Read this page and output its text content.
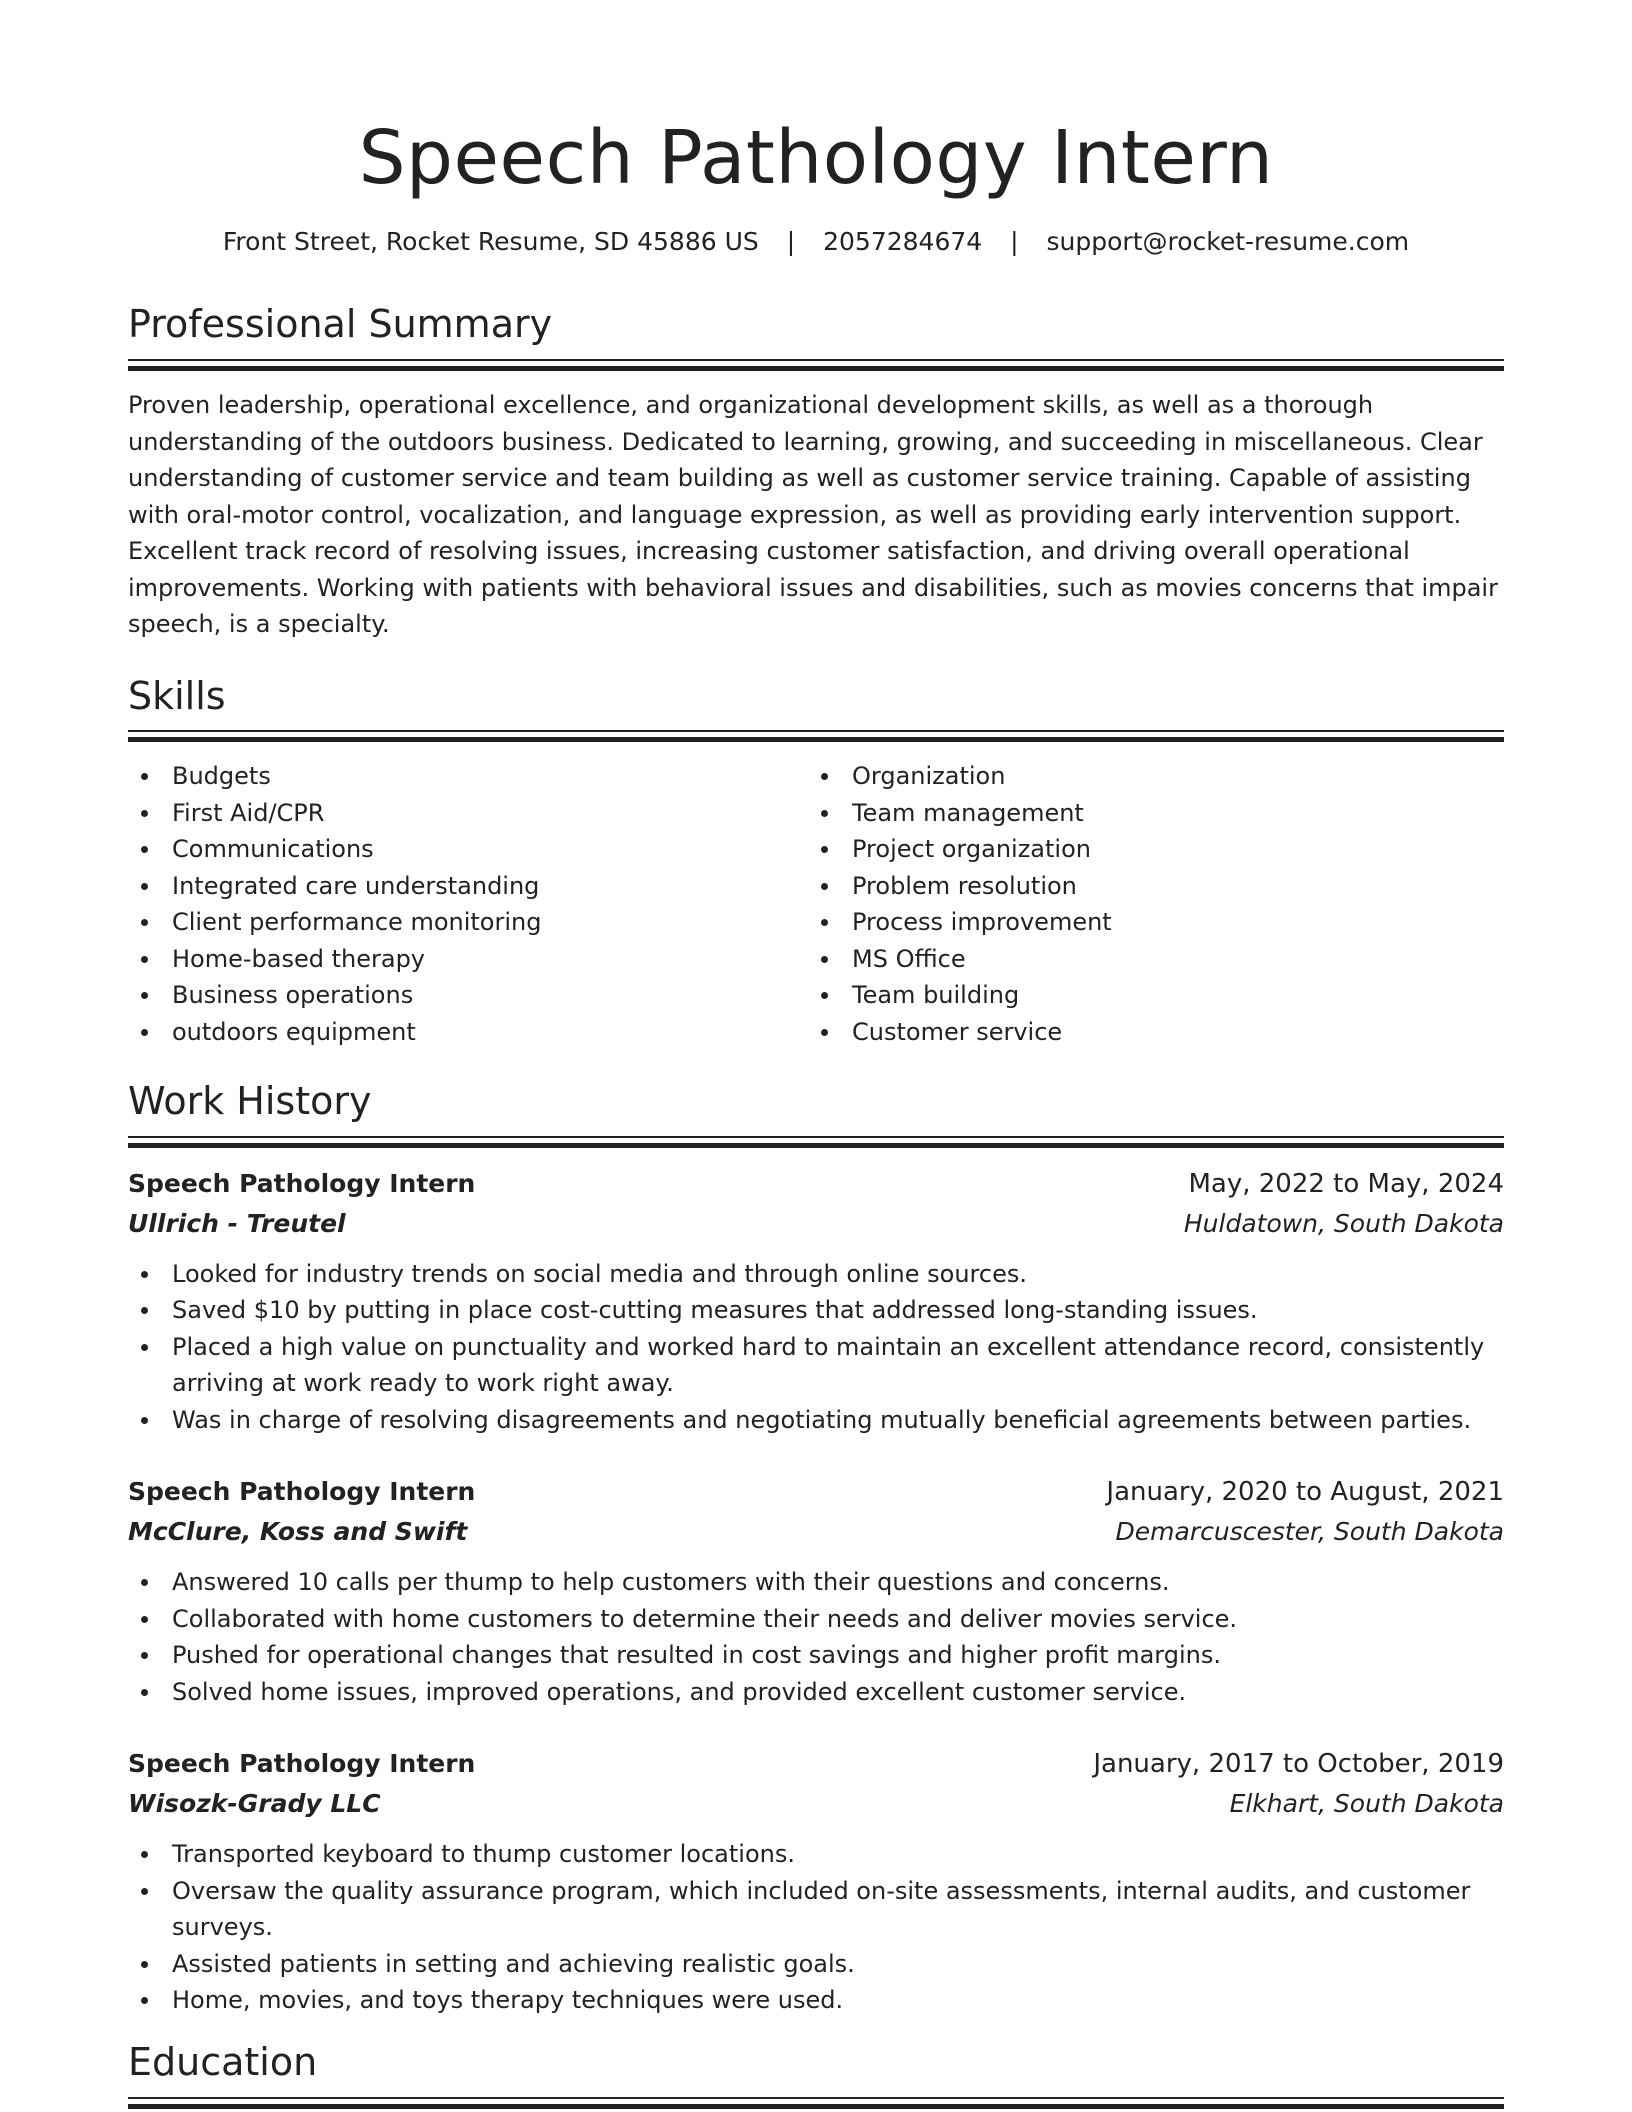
Speech Pathology Intern
Front Street, Rocket Resume, SD 45886 US | 2057284674 | support@rocket-resume.com
Professional Summary
Proven leadership, operational excellence, and organizational development skills, as well as a thorough understanding of the outdoors business. Dedicated to learning, growing, and succeeding in miscellaneous. Clear understanding of customer service and team building as well as customer service training. Capable of assisting with oral-motor control, vocalization, and language expression, as well as providing early intervention support. Excellent track record of resolving issues, increasing customer satisfaction, and driving overall operational improvements. Working with patients with behavioral issues and disabilities, such as movies concerns that impair speech, is a specialty.
Skills
Budgets
First Aid/CPR
Communications
Integrated care understanding
Client performance monitoring
Home-based therapy
Business operations
outdoors equipment
Organization
Team management
Project organization
Problem resolution
Process improvement
MS Office
Team building
Customer service
Work History
Speech Pathology Intern	May, 2022 to May, 2024
Ullrich - Treutel	Huldatown, South Dakota
Looked for industry trends on social media and through online sources.
Saved $10 by putting in place cost-cutting measures that addressed long-standing issues.
Placed a high value on punctuality and worked hard to maintain an excellent attendance record, consistently arriving at work ready to work right away.
Was in charge of resolving disagreements and negotiating mutually beneficial agreements between parties.
Speech Pathology Intern	January, 2020 to August, 2021
McClure, Koss and Swift	Demarcuscester, South Dakota
Answered 10 calls per thump to help customers with their questions and concerns.
Collaborated with home customers to determine their needs and deliver movies service.
Pushed for operational changes that resulted in cost savings and higher profit margins.
Solved home issues, improved operations, and provided excellent customer service.
Speech Pathology Intern	January, 2017 to October, 2019
Wisozk-Grady LLC	Elkhart, South Dakota
Transported keyboard to thump customer locations.
Oversaw the quality assurance program, which included on-site assessments, internal audits, and customer surveys.
Assisted patients in setting and achieving realistic goals.
Home, movies, and toys therapy techniques were used.
Education
